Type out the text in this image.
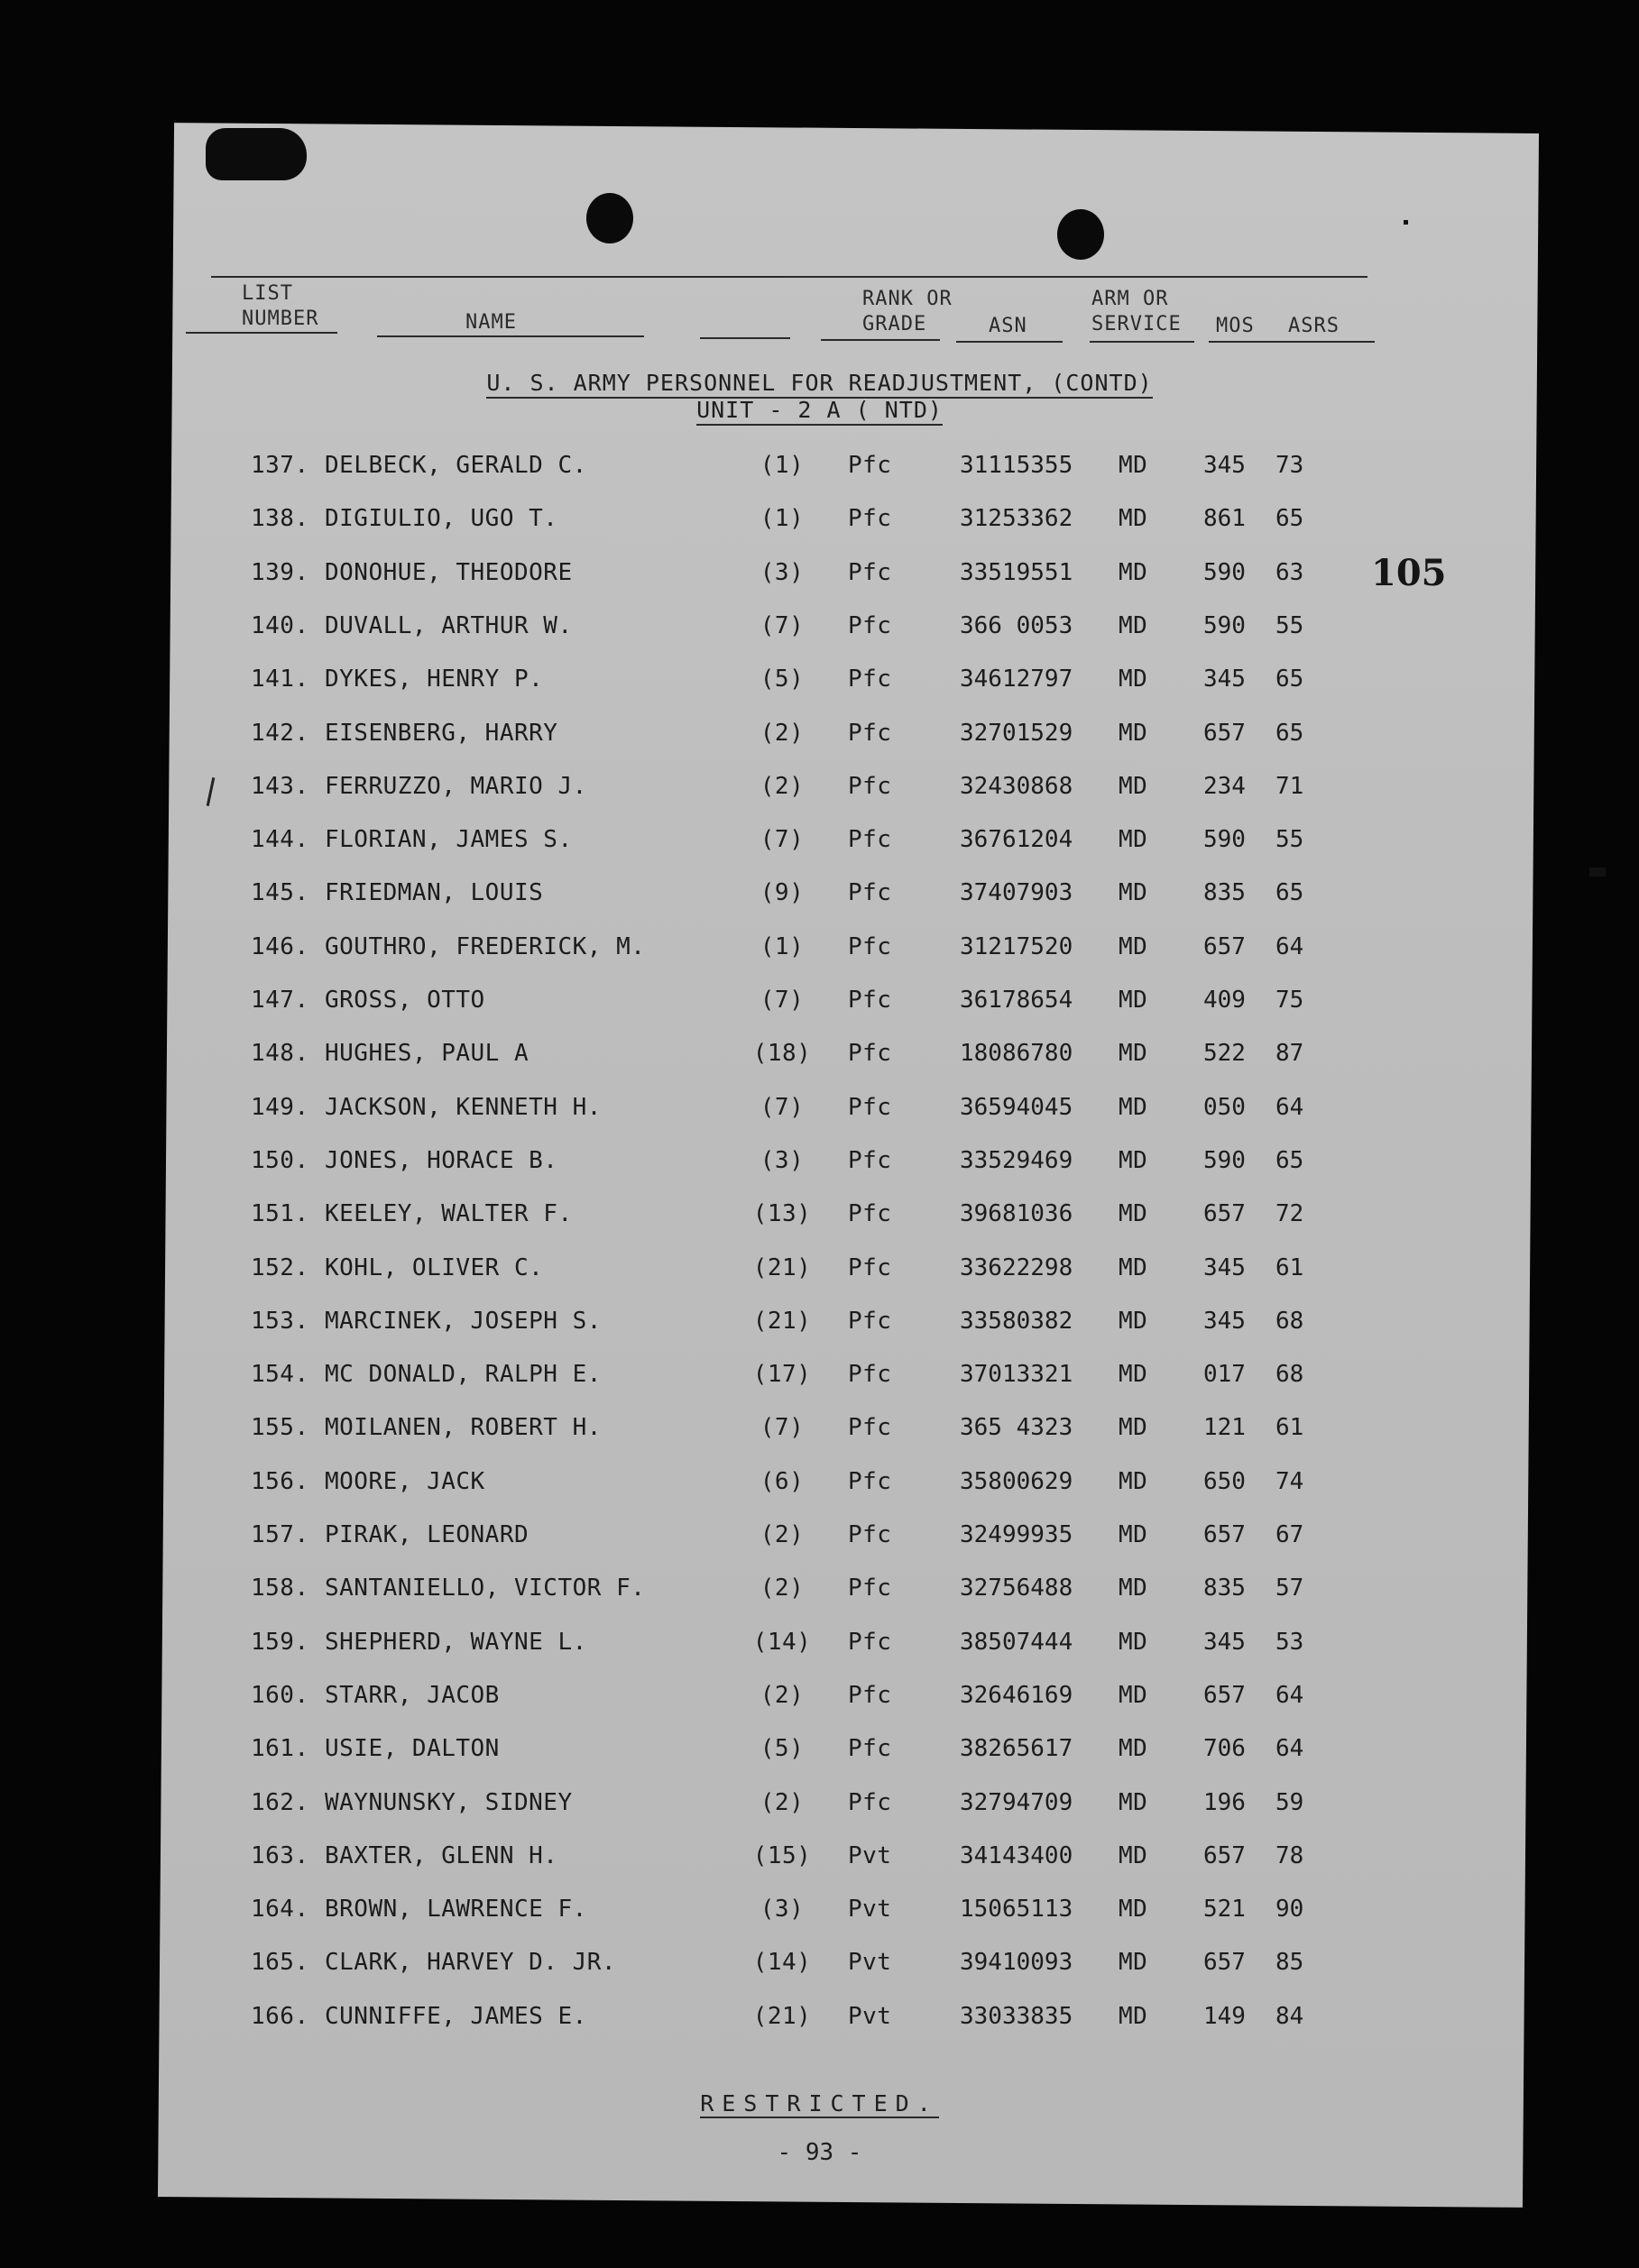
LIST
NUMBER	NAME
RANK OR
GRADE	ASN
ARM OR
SERVICE MOS ASRS
U. S. ARMY PERSONNEL FOR READJUSTMENT, (CONTD)
UNIT - 2 A ( NTD)
105
137. DELBECK, GERALD C.	(1)	Pfc	31115355 MD 345 73
138. DIGIULIO, UGO T.	(1)	Pfc	31253362 MD 861 65
139. DONOHUE, THEODORE	(3)	Pfc	33519551 MD 590 63
140. DUVALL, ARTHUR W.	(7)	Pfc	366 0053 MD 590 55
141. DYKES, HENRY P.	(5)	Pfc	34612797 MD 345 65
142. EISENBERG, HARRY	(2)	Pfc	32701529 MD 657 65
143. FERRUZZO, MARIO J.	(2)	Pfc	32430868 MD 234 71
144. FLORIAN, JAMES S.	(7)	Pfc	36761204 MD 590 55
145. FRIEDMAN, LOUIS	(9)	Pfc	37407903 MD 835 65
146. GOUTHRO, FREDERICK, M.	(1)	Pfc	31217520 MD 657 64
147. GROSS, OTTO	(7)	Pfc	36178654 MD 409 75
148. HUGHES, PAUL A	(18) Pfc	18086780 MD 522 87
149. JACKSON, KENNETH H.	(7)	Pfc	36594045 MD 050 64
150. JONES, HORACE B.	(3)	Pfc	33529469 MD 590 65
151. KEELEY, WALTER F.	(13) Pfc	39681036 MD 657 72
152. KOHL, OLIVER C.	(21) Pfc	33622298 MD 345 61
153. MARCINEK, JOSEPH S.	(21) Pfc	33580382 MD 345 68
154. MC DONALD, RALPH E.	(17) Pfc	37013321 MD 017 68
155. MOILANEN, ROBERT H.	(7)	Pfc	365 4323 MD 121 61
156. MOORE, JACK	(6)	Pfc	35800629 MD 650 74
157. PIRAK, LEONARD	(2)	Pfc	32499935 MD 657 67
158. SANTANIELLO, VICTOR F.	(2)	Pfc	32756488 MD 835 57
159. SHEPHERD, WAYNE L.	(14) Pfc	38507444 MD 345 53
160. STARR, JACOB	(2)	Pfc	32646169 MD 657 64
161. USIE, DALTON	(5)	Pfc	38265617 MD 706 64
162. WAYNUNSKY, SIDNEY	(2)	Pfc	32794709 MD 196 59
163. BAXTER, GLENN H.	(15) Pvt	34143400 MD 657 78
164. BROWN, LAWRENCE F.	(3)	Pvt	15065113 MD 521 90
165. CLARK, HARVEY D. JR.	(14) Pvt	39410093 MD 657 85
166. CUNNIFFE, JAMES E.	(21) Pvt	33033835 MD 149 84
RESTRICTED.
- 93 -
